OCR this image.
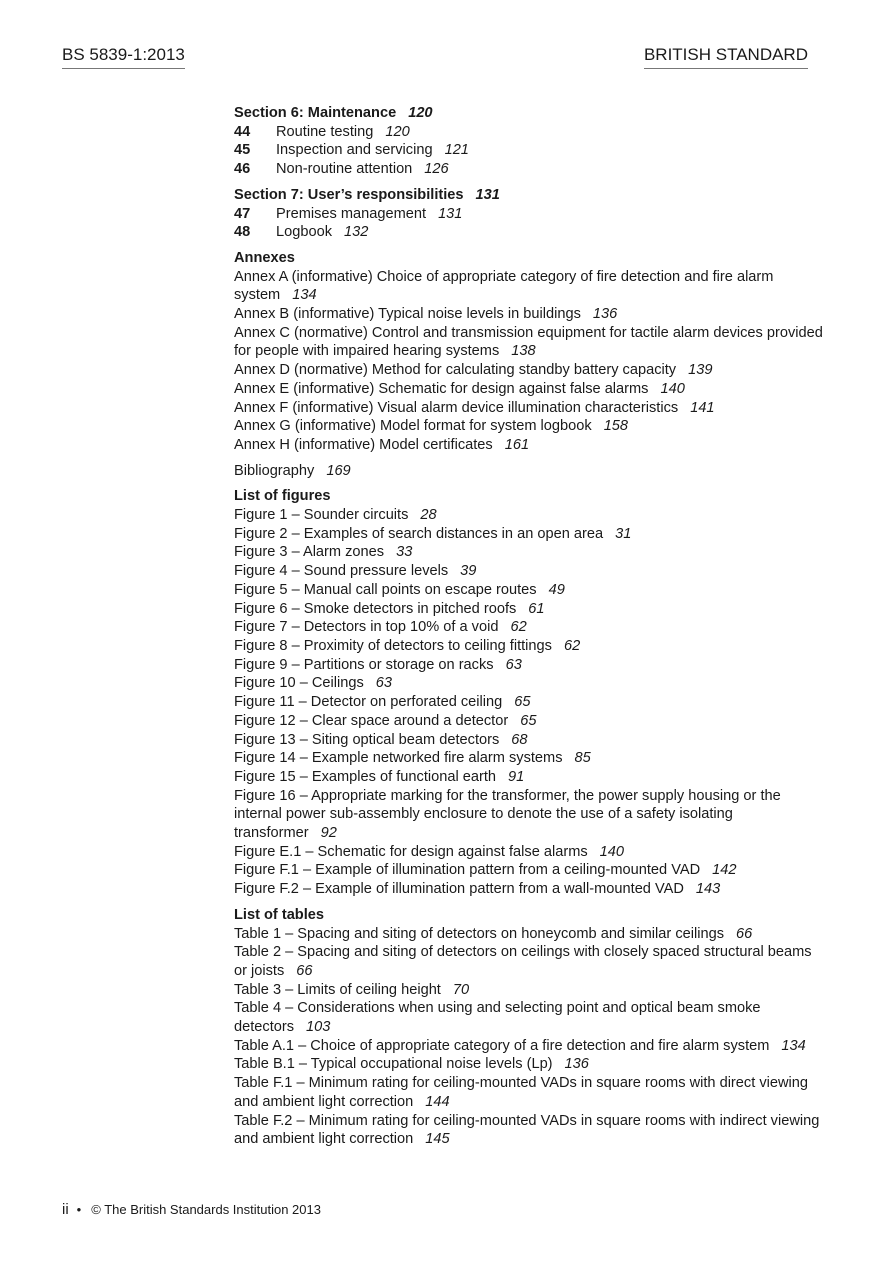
BS 5839-1:2013	BRITISH STANDARD
Section 6: Maintenance 120
44	Routine testing 120
45	Inspection and servicing 121
46	Non-routine attention 126
Section 7: User’s responsibilities 131
47	Premises management 131
48	Logbook 132
Annexes
Annex A (informative) Choice of appropriate category of fire detection and fire alarm system 134
Annex B (informative) Typical noise levels in buildings 136
Annex C (normative) Control and transmission equipment for tactile alarm devices provided for people with impaired hearing systems 138
Annex D (normative) Method for calculating standby battery capacity 139
Annex E (informative) Schematic for design against false alarms 140
Annex F (informative) Visual alarm device illumination characteristics 141
Annex G (informative) Model format for system logbook 158
Annex H (informative) Model certificates 161
Bibliography 169
List of figures
Figure 1 – Sounder circuits 28
Figure 2 – Examples of search distances in an open area 31
Figure 3 – Alarm zones 33
Figure 4 – Sound pressure levels 39
Figure 5 – Manual call points on escape routes 49
Figure 6 – Smoke detectors in pitched roofs 61
Figure 7 – Detectors in top 10% of a void 62
Figure 8 – Proximity of detectors to ceiling fittings 62
Figure 9 – Partitions or storage on racks 63
Figure 10 – Ceilings 63
Figure 11 – Detector on perforated ceiling 65
Figure 12 – Clear space around a detector 65
Figure 13 – Siting optical beam detectors 68
Figure 14 – Example networked fire alarm systems 85
Figure 15 – Examples of functional earth 91
Figure 16 – Appropriate marking for the transformer, the power supply housing or the internal power sub-assembly enclosure to denote the use of a safety isolating transformer 92
Figure E.1 – Schematic for design against false alarms 140
Figure F.1 – Example of illumination pattern from a ceiling-mounted VAD 142
Figure F.2 – Example of illumination pattern from a wall-mounted VAD 143
List of tables
Table 1 – Spacing and siting of detectors on honeycomb and similar ceilings 66
Table 2 – Spacing and siting of detectors on ceilings with closely spaced structural beams or joists 66
Table 3 – Limits of ceiling height 70
Table 4 – Considerations when using and selecting point and optical beam smoke detectors 103
Table A.1 – Choice of appropriate category of a fire detection and fire alarm system 134
Table B.1 – Typical occupational noise levels (Lp) 136
Table F.1 – Minimum rating for ceiling-mounted VADs in square rooms with direct viewing and ambient light correction 144
Table F.2 – Minimum rating for ceiling-mounted VADs in square rooms with indirect viewing and ambient light correction 145
ii • © The British Standards Institution 2013
